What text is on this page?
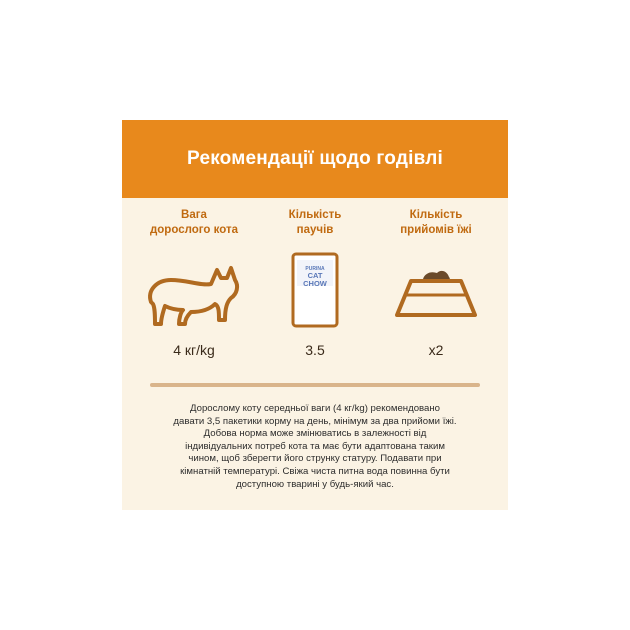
Рекомендації щодо годівлі
Вага
дорослого кота
4 кг/kg
Кількість
паучів
PURINA
CAT
CHOW
3.5
Кількість
прийомів їжі
x2
Дорослому коту середньої ваги (4 кг/kg) рекомендовано
давати 3,5 пакетики корму на день, мінімум за два прийоми їжі.
Добова норма може змінюватись в залежності від
індивідуальних потреб кота та має бути адаптована таким
чином, щоб зберегти його струнку статуру. Подавати при
кімнатній температурі. Свіжа чиста питна вода повинна бути
доступною тварині у будь-який час.
